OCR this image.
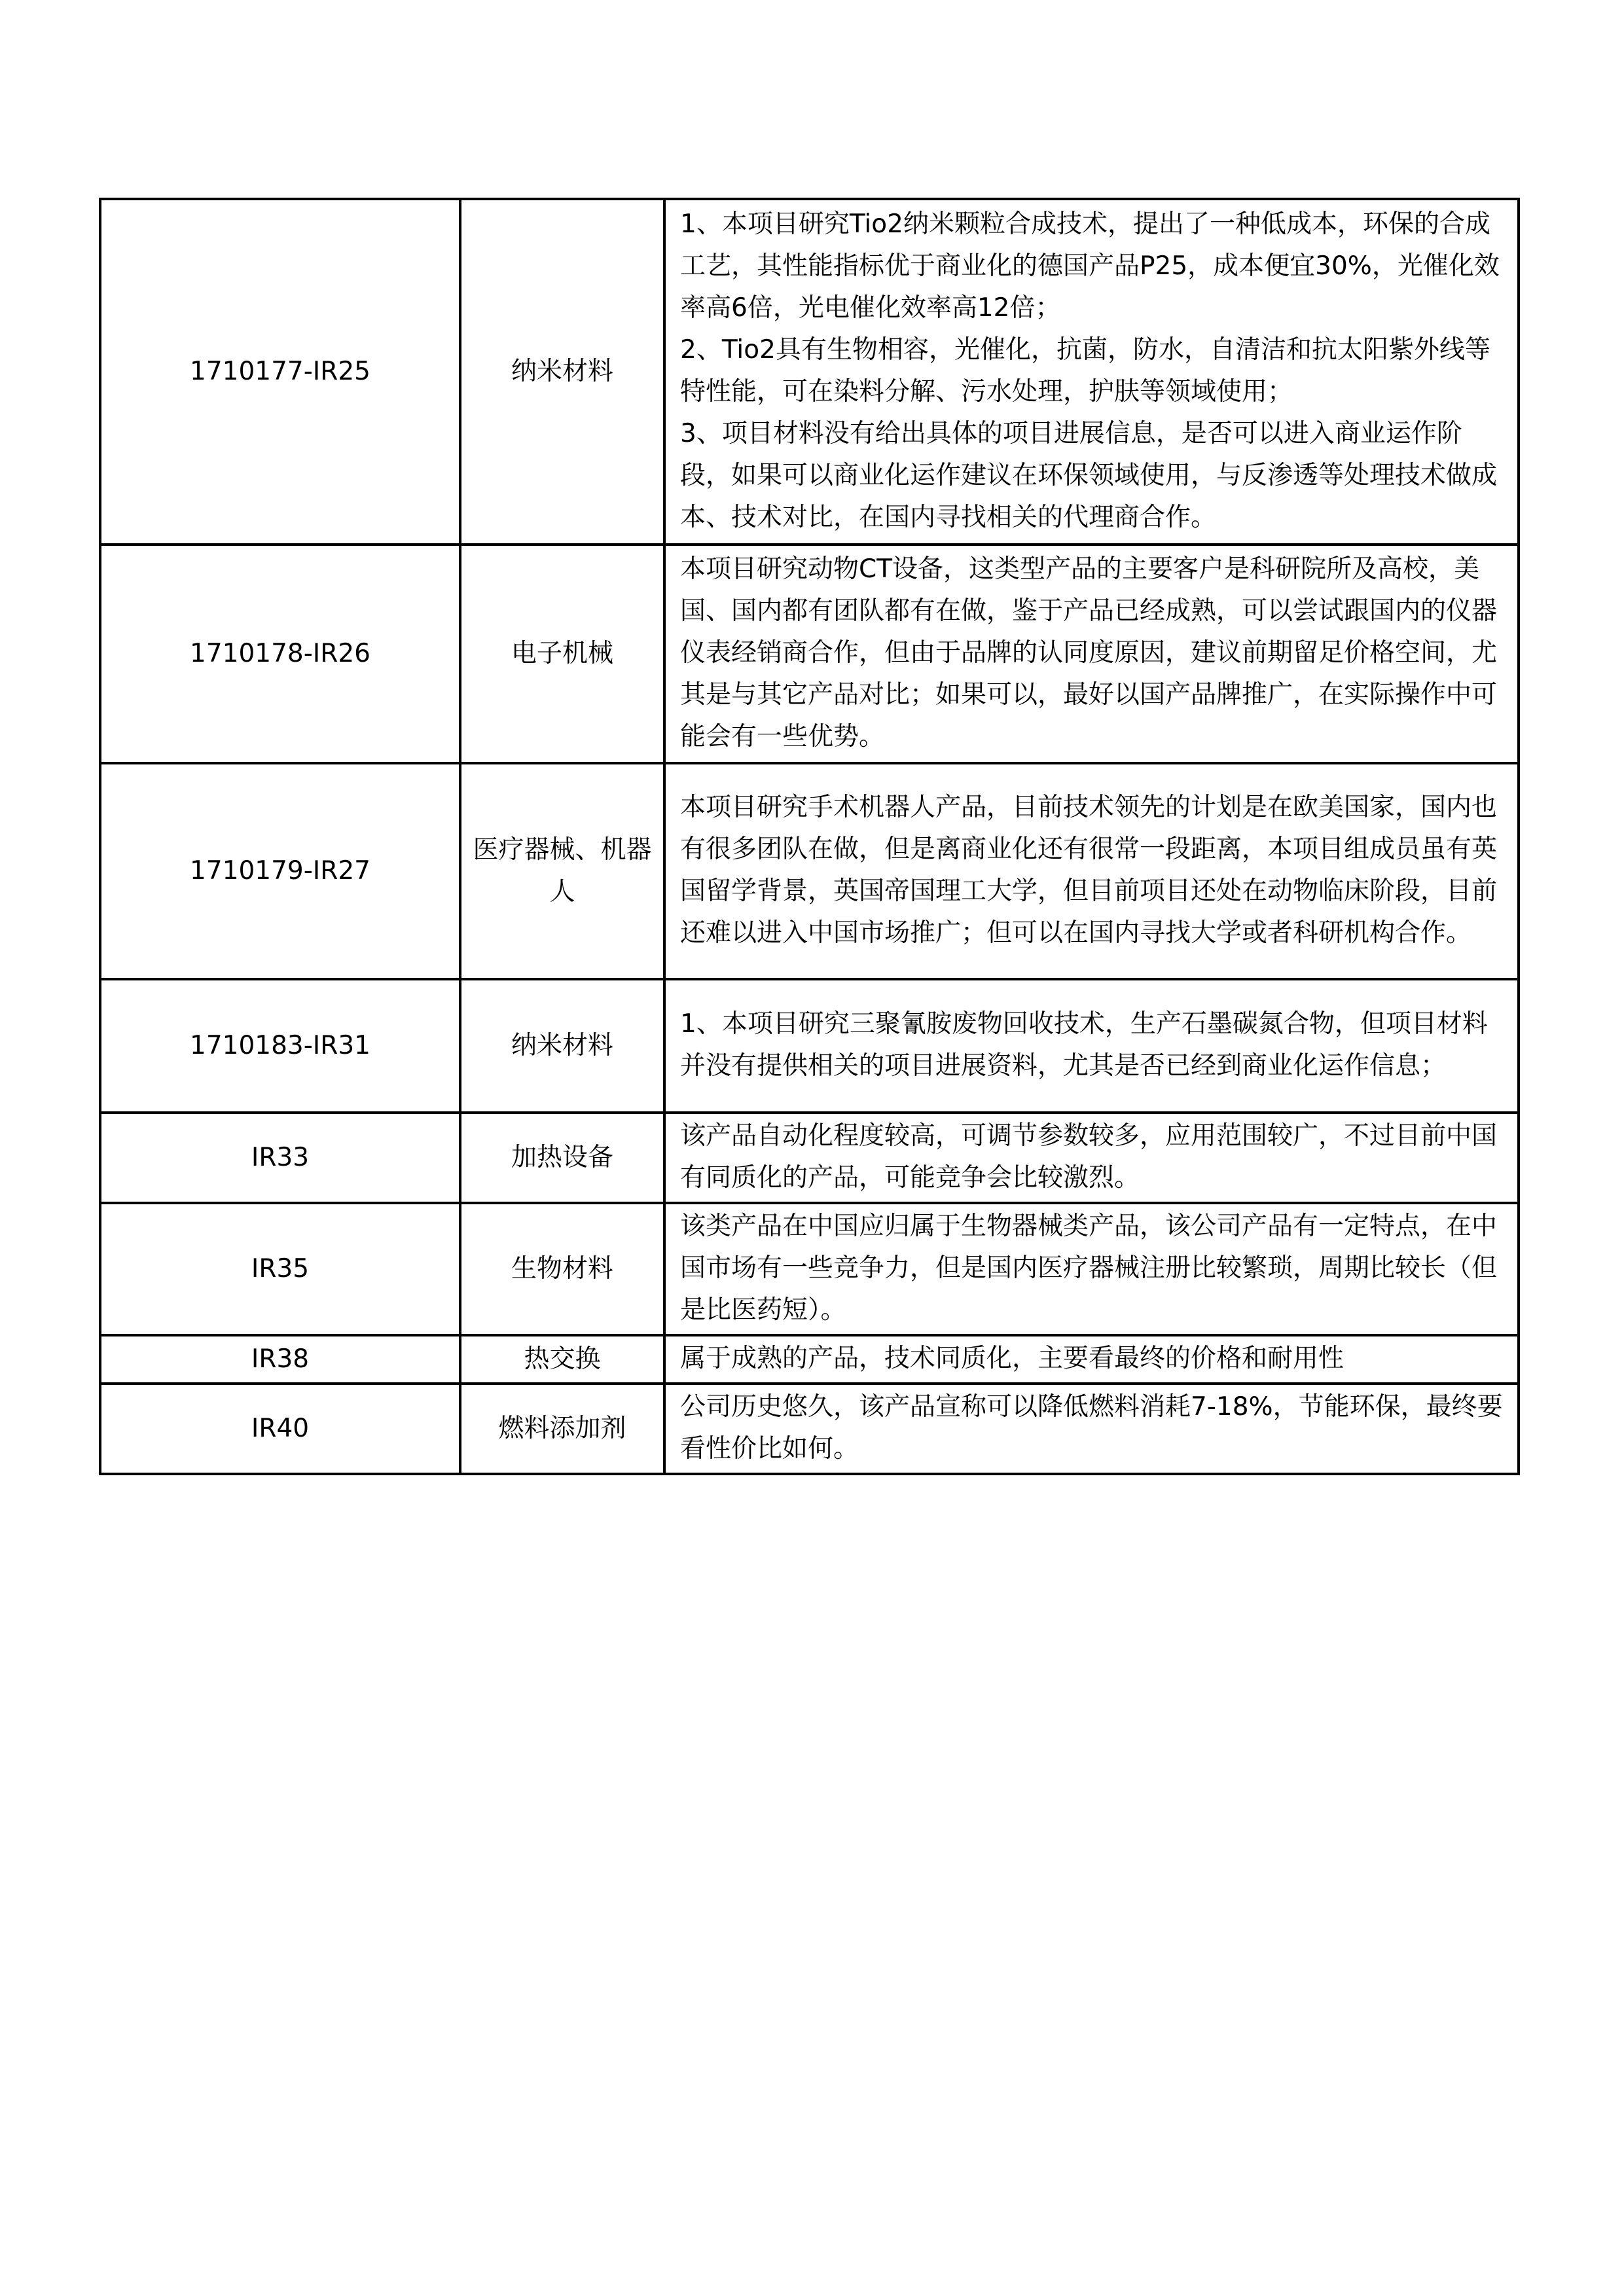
1710177-IR25	纳米材料	1、本项目研究Tio2纳米颗粒合成技术，提出了一种低成本，环保的合成工艺，其性能指标优于商业化的德国产品P25，成本便宜30%，光催化效率高6倍，光电催化效率高12倍；
2、Tio2具有生物相容，光催化，抗菌，防水，自清洁和抗太阳紫外线等特性能，可在染料分解、污水处理，护肤等领域使用；
3、项目材料没有给出具体的项目进展信息，是否可以进入商业运作阶段，如果可以商业化运作建议在环保领域使用，与反渗透等处理技术做成本、技术对比，在国内寻找相关的代理商合作。

1710178-IR26	电子机械	本项目研究动物CT设备，这类型产品的主要客户是科研院所及高校，美国、国内都有团队都有在做，鉴于产品已经成熟，可以尝试跟国内的仪器仪表经销商合作，但由于品牌的认同度原因，建议前期留足价格空间，尤其是与其它产品对比；如果可以，最好以国产品牌推广，在实际操作中可能会有一些优势。

1710179-IR27	医疗器械、机器人	本项目研究手术机器人产品，目前技术领先的计划是在欧美国家，国内也有很多团队在做，但是离商业化还有很常一段距离，本项目组成员虽有英国留学背景，英国帝国理工大学，但目前项目还处在动物临床阶段，目前还难以进入中国市场推广；但可以在国内寻找大学或者科研机构合作。

1710183-IR31	纳米材料	1、本项目研究三聚氰胺废物回收技术，生产石墨碳氮合物，但项目材料并没有提供相关的项目进展资料，尤其是否已经到商业化运作信息；

IR33	加热设备	该产品自动化程度较高，可调节参数较多，应用范围较广，不过目前中国有同质化的产品，可能竞争会比较激烈。

IR35	生物材料	该类产品在中国应归属于生物器械类产品，该公司产品有一定特点，在中国市场有一些竞争力，但是国内医疗器械注册比较繁琐，周期比较长（但是比医药短）。

IR38	热交换	属于成熟的产品，技术同质化，主要看最终的价格和耐用性

IR40	燃料添加剂	公司历史悠久，该产品宣称可以降低燃料消耗7-18%，节能环保，最终要看性价比如何。
